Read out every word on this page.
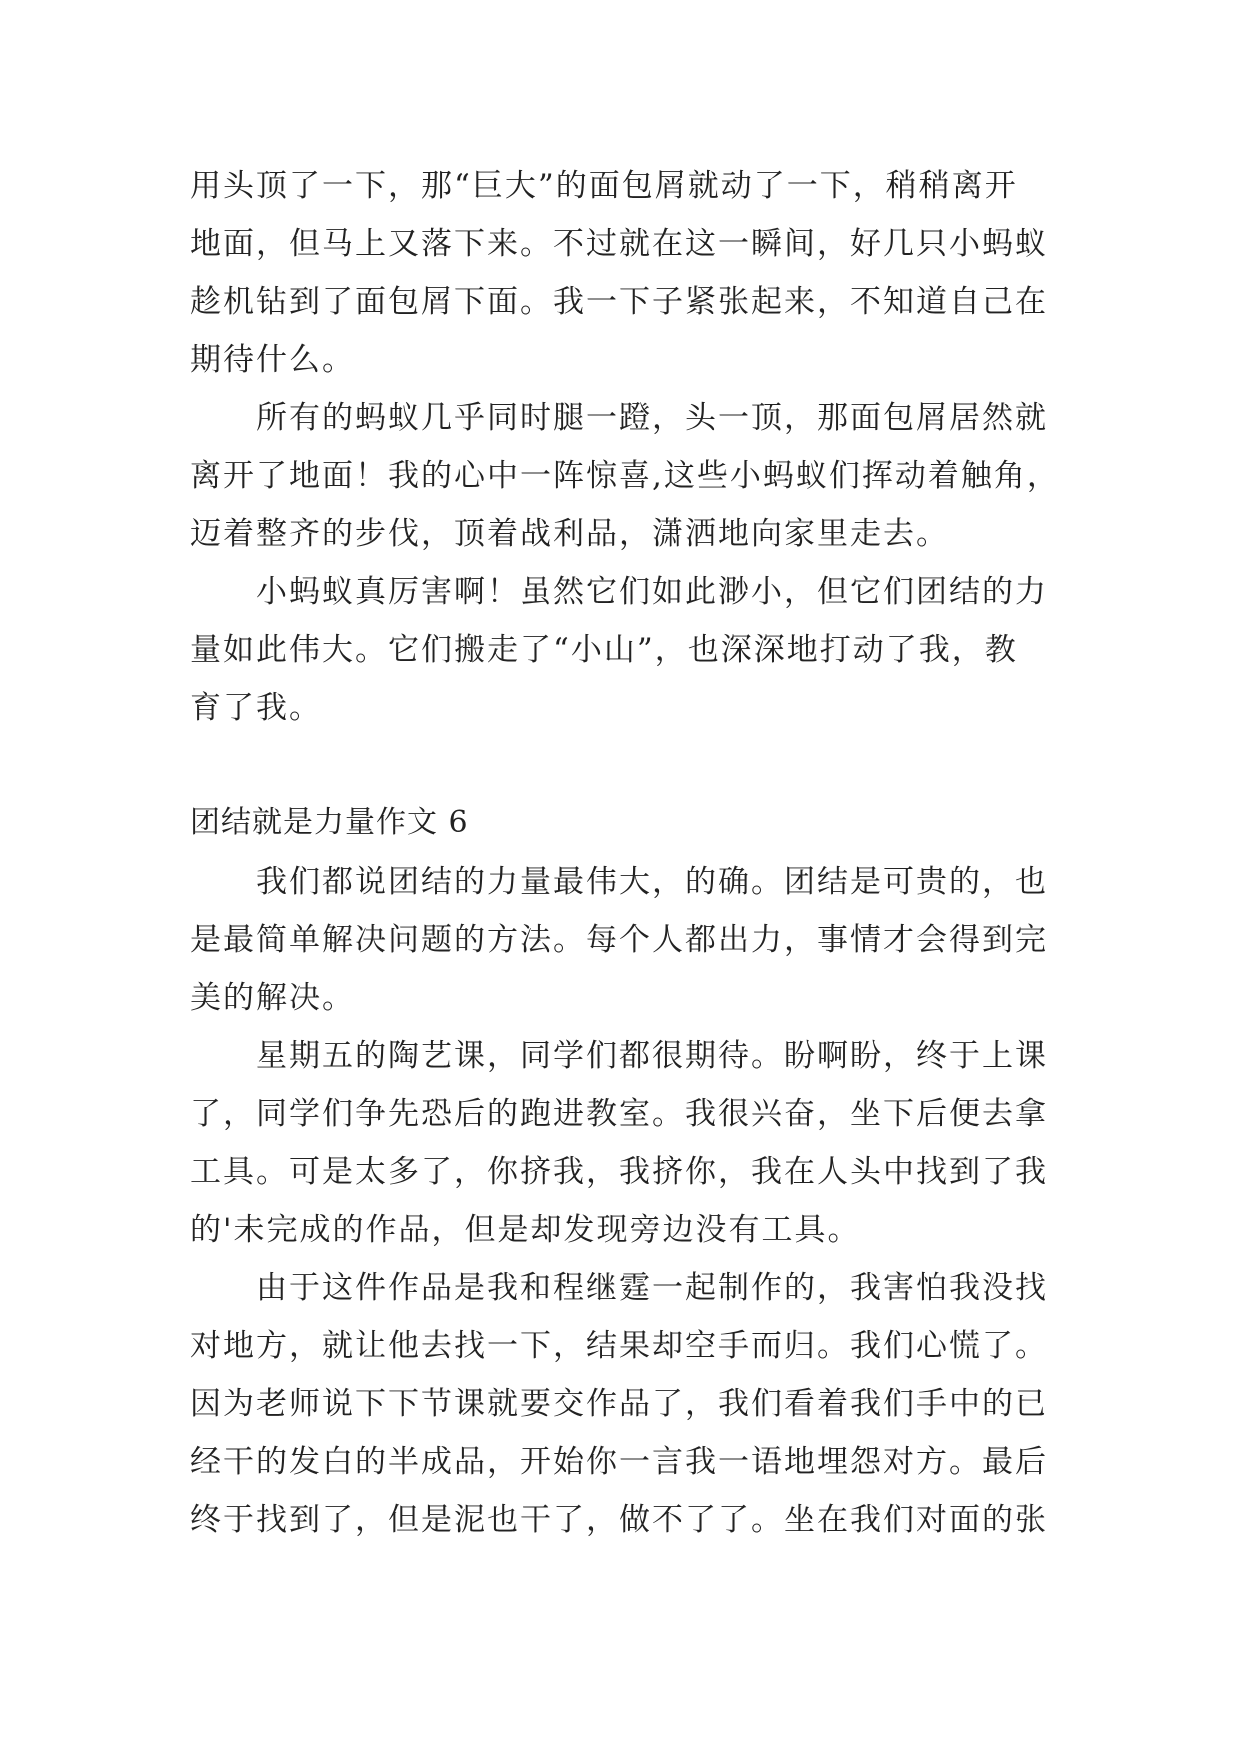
用头顶了一下，那“巨大”的面包屑就动了一下，稍稍离开
地面，但马上又落下来。不过就在这一瞬间，好几只小蚂蚁
趁机钻到了面包屑下面。我一下子紧张起来，不知道自己在
期待什么。
所有的蚂蚁几乎同时腿一蹬，头一顶，那面包屑居然就
离开了地面！我的心中一阵惊喜,这些小蚂蚁们挥动着触角，
迈着整齐的步伐，顶着战利品，潇洒地向家里走去。
小蚂蚁真厉害啊！虽然它们如此渺小，但它们团结的力
量如此伟大。它们搬走了“小山”，也深深地打动了我，教
育了我。
团结就是力量作文 6
我们都说团结的力量最伟大，的确。团结是可贵的，也
是最简单解决问题的方法。每个人都出力，事情才会得到完
美的解决。
星期五的陶艺课，同学们都很期待。盼啊盼，终于上课
了，同学们争先恐后的跑进教室。我很兴奋，坐下后便去拿
工具。可是太多了，你挤我，我挤你，我在人头中找到了我
的'未完成的作品，但是却发现旁边没有工具。
由于这件作品是我和程继霆一起制作的，我害怕我没找
对地方，就让他去找一下，结果却空手而归。我们心慌了。
因为老师说下下节课就要交作品了，我们看着我们手中的已
经干的发白的半成品，开始你一言我一语地埋怨对方。最后
终于找到了，但是泥也干了，做不了了。坐在我们对面的张
